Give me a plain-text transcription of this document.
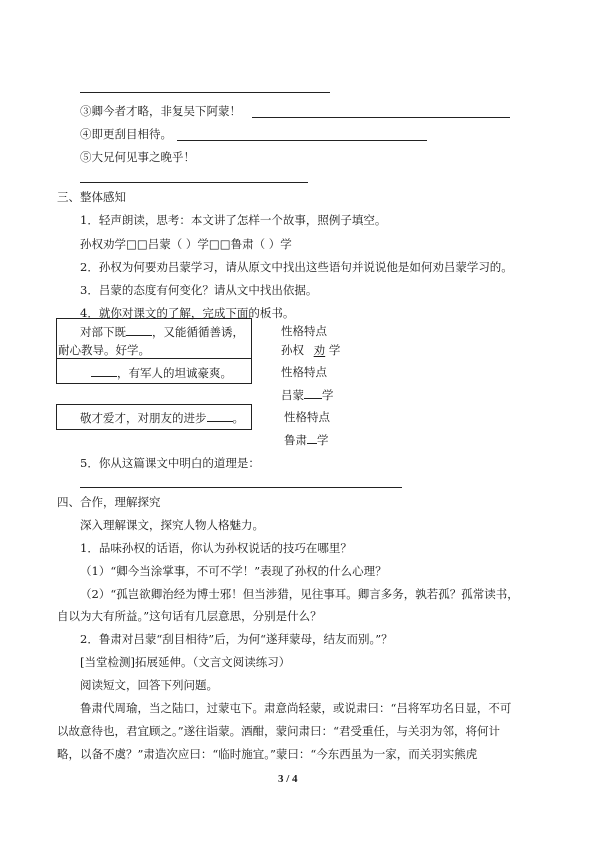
③卿今者才略，非复吴下阿蒙！
④即更刮目相待。
⑤大兄何见事之晚乎！
三、整体感知
1．轻声朗读，思考：本文讲了怎样一个故事，照例子填空。
孙权劝学□□吕蒙（ ）学□□鲁肃（ ）学
2．孙权为何要劝吕蒙学习，请从原文中找出这些语句并说说他是如何劝吕蒙学习的。
3．吕蒙的态度有何变化？请从文中找出依据。
4．就你对课文的了解，完成下面的板书。
对部下既 ，又能循循善诱，
耐心教导。好学。
性格特点
孙权 劝 学
，有军人的坦诚豪爽。	性格特点
吕蒙 学
敬才爱才，对朋友的进步 。	性格特点
鲁肃 学
5．你从这篇课文中明白的道理是：
四、合作，理解探究
深入理解课文，探究人物人格魅力。
1．品味孙权的话语，你认为孙权说话的技巧在哪里？
（1）“卿今当涂掌事，不可不学！”表现了孙权的什么心理？
（2）“孤岂欲卿治经为博士邪！但当涉猎，见往事耳。卿言多务，孰若孤？孤常读书，
自以为大有所益。”这句话有几层意思，分别是什么？
2．鲁肃对吕蒙“刮目相待”后，为何“遂拜蒙母，结友而别。”？
[当堂检测]拓展延伸。（文言文阅读练习）
阅读短文，回答下列问题。
鲁肃代周瑜，当之陆口，过蒙屯下。肃意尚轻蒙，或说肃曰：“吕将军功名日显，不可
以故意待也，君宜顾之。”遂往诣蒙。酒酣，蒙问肃曰：“君受重任，与关羽为邻，将何计
略，以备不虞？”肃造次应曰：“临时施宜。”蒙曰：“今东西虽为一家，而关羽实熊虎
3 / 4
